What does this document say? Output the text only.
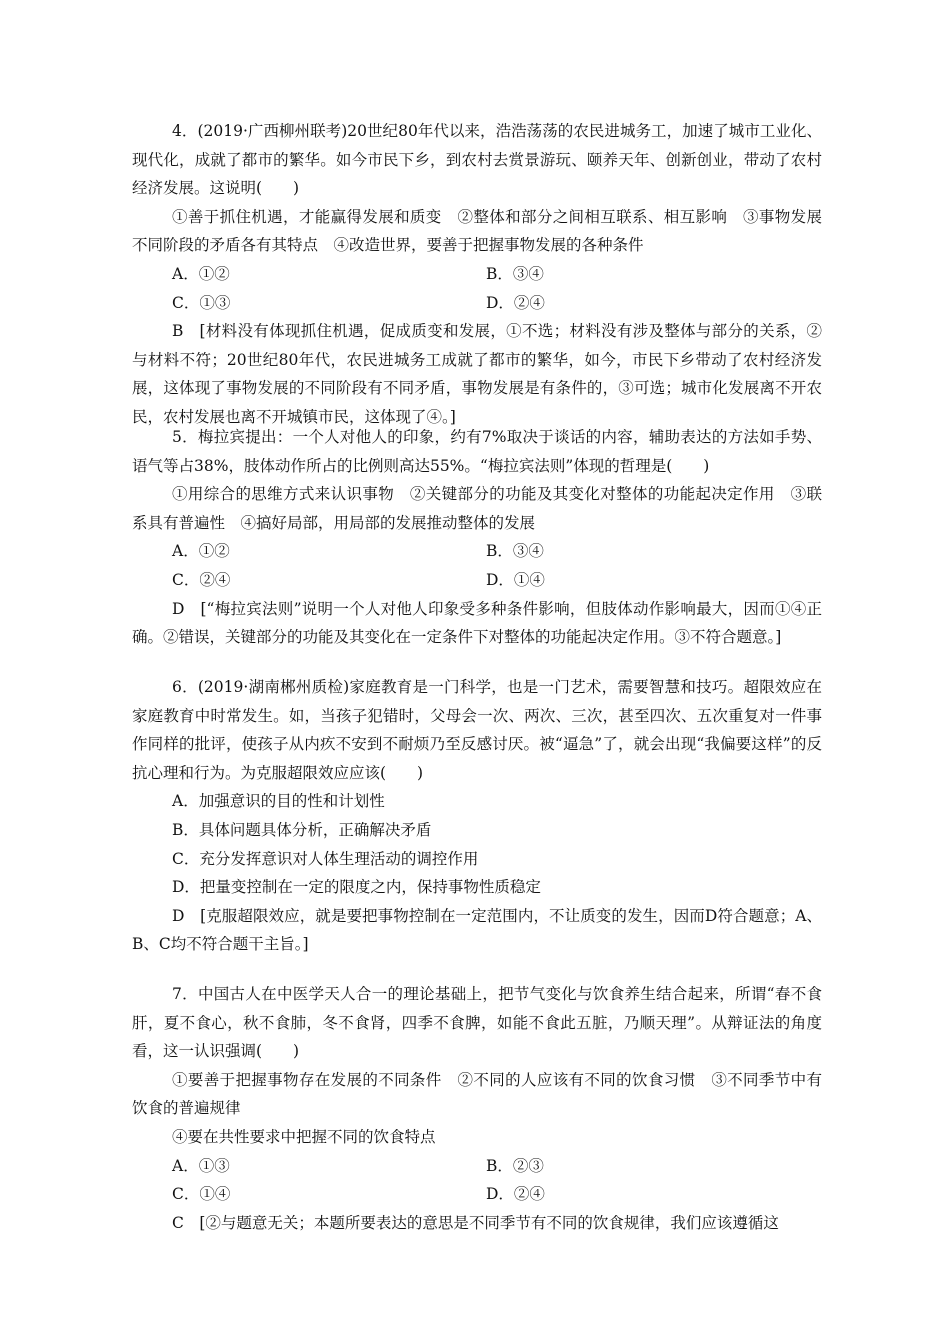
4．(2019·广西柳州联考)20世纪80年代以来，浩浩荡荡的农民进城务工，加速了城市工业化、现代化，成就了都市的繁华。如今市民下乡，到农村去赏景游玩、颐养天年、创新创业，带动了农村经济发展。这说明(　　)

①善于抓住机遇，才能赢得发展和质变　②整体和部分之间相互联系、相互影响　③事物发展不同阶段的矛盾各有其特点　④改造世界，要善于把握事物发展的各种条件

A．①②	B．③④
C．①③	D．②④

B　[材料没有体现抓住机遇，促成质变和发展，①不选；材料没有涉及整体与部分的关系，②与材料不符；20世纪80年代，农民进城务工成就了都市的繁华，如今，市民下乡带动了农村经济发展，这体现了事物发展的不同阶段有不同矛盾，事物发展是有条件的，③可选；城市化发展离不开农民，农村发展也离不开城镇市民，这体现了④。]

5．梅拉宾提出：一个人对他人的印象，约有7%取决于谈话的内容，辅助表达的方法如手势、语气等占38%，肢体动作所占的比例则高达55%。“梅拉宾法则”体现的哲理是(　　)

①用综合的思维方式来认识事物　②关键部分的功能及其变化对整体的功能起决定作用　③联系具有普遍性　④搞好局部，用局部的发展推动整体的发展

A．①②	B．③④
C．②④	D．①④

D　[“梅拉宾法则”说明一个人对他人印象受多种条件影响，但肢体动作影响最大，因而①④正确。②错误，关键部分的功能及其变化在一定条件下对整体的功能起决定作用。③不符合题意。]

6．(2019·湖南郴州质检)家庭教育是一门科学，也是一门艺术，需要智慧和技巧。超限效应在家庭教育中时常发生。如，当孩子犯错时，父母会一次、两次、三次，甚至四次、五次重复对一件事作同样的批评，使孩子从内疚不安到不耐烦乃至反感讨厌。被“逼急”了，就会出现“我偏要这样”的反抗心理和行为。为克服超限效应应该(　　)

A．加强意识的目的性和计划性

B．具体问题具体分析，正确解决矛盾

C．充分发挥意识对人体生理活动的调控作用

D．把量变控制在一定的限度之内，保持事物性质稳定

D　[克服超限效应，就是要把事物控制在一定范围内，不让质变的发生，因而D符合题意；A、B、C均不符合题干主旨。]

7．中国古人在中医学天人合一的理论基础上，把节气变化与饮食养生结合起来，所谓“春不食肝，夏不食心，秋不食肺，冬不食肾，四季不食脾，如能不食此五脏，乃顺天理”。从辩证法的角度看，这一认识强调(　　)

①要善于把握事物存在发展的不同条件　②不同的人应该有不同的饮食习惯　③不同季节中有饮食的普遍规律

④要在共性要求中把握不同的饮食特点

A．①③	B．②③
C．①④	D．②④

C　[②与题意无关；本题所要表达的意思是不同季节有不同的饮食规律，我们应该遵循这
